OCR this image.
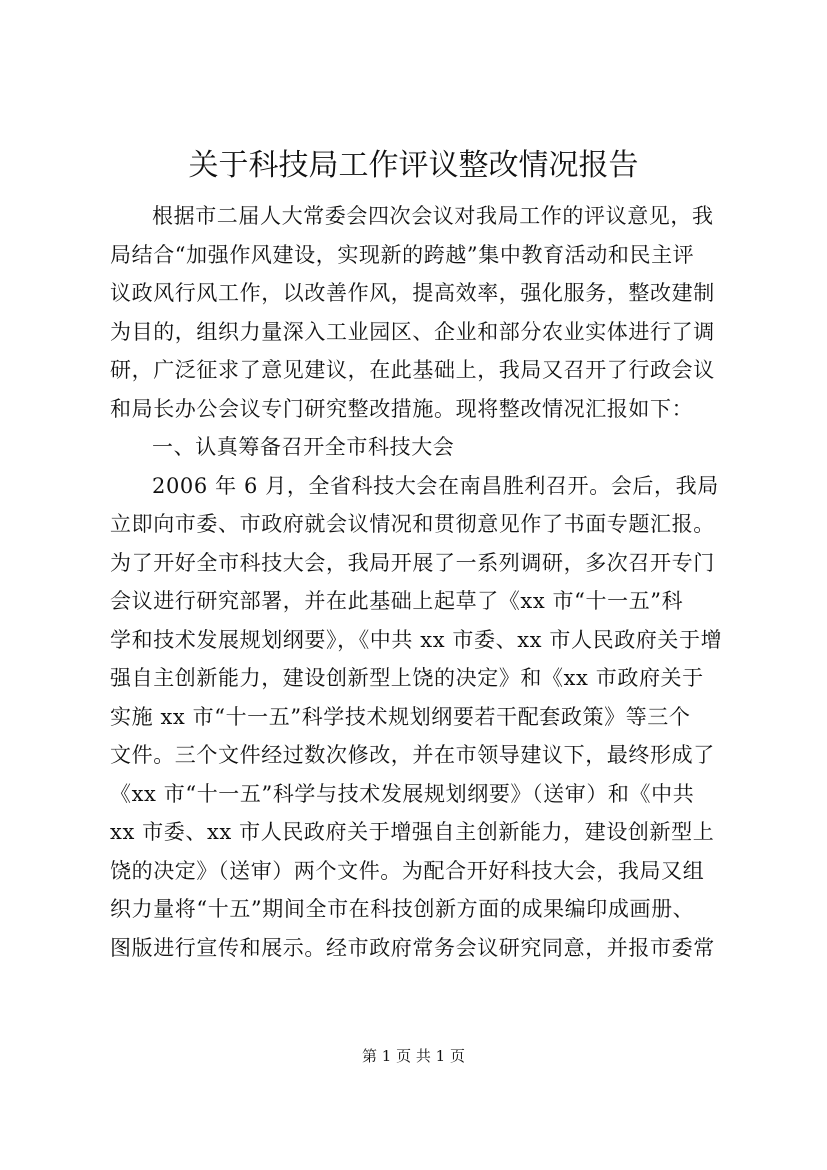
关于科技局工作评议整改情况报告
根据市二届人大常委会四次会议对我局工作的评议意见，我
局结合“加强作风建设，实现新的跨越”集中教育活动和民主评
议政风行风工作，以改善作风，提高效率，强化服务，整改建制
为目的，组织力量深入工业园区、企业和部分农业实体进行了调
研，广泛征求了意见建议，在此基础上，我局又召开了行政会议
和局长办公会议专门研究整改措施。现将整改情况汇报如下：
一、认真筹备召开全市科技大会
2006 年 6 月，全省科技大会在南昌胜利召开。会后，我局
立即向市委、市政府就会议情况和贯彻意见作了书面专题汇报。
为了开好全市科技大会，我局开展了一系列调研，多次召开专门
会议进行研究部署，并在此基础上起草了《xx 市“十一五”科
学和技术发展规划纲要》，《中共 xx 市委、xx 市人民政府关于增
强自主创新能力，建设创新型上饶的决定》和《xx 市政府关于
实施 xx 市“十一五”科学技术规划纲要若干配套政策》等三个
文件。三个文件经过数次修改，并在市领导建议下，最终形成了
《xx 市“十一五”科学与技术发展规划纲要》（送审）和《中共
xx 市委、xx 市人民政府关于增强自主创新能力，建设创新型上
饶的决定》（送审）两个文件。为配合开好科技大会，我局又组
织力量将“十五”期间全市在科技创新方面的成果编印成画册、
图版进行宣传和展示。经市政府常务会议研究同意，并报市委常
第 1 页 共 1 页
